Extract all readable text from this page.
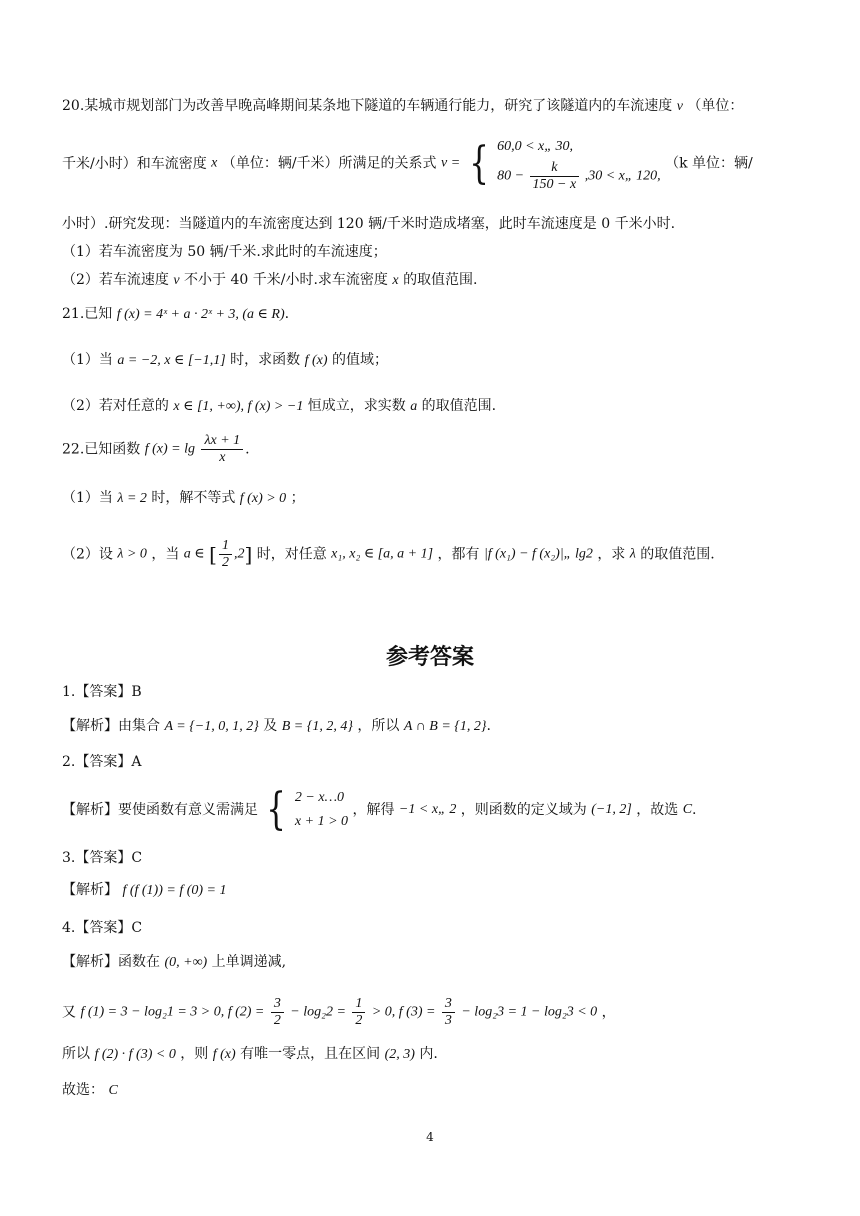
20.某城市规划部门为改善早晚高峰期间某条地下隧道的车辆通行能力，研究了该隧道内的车流速度 v （单位：
千米/小时）和车流密度 x （单位：辆/千米）所满足的关系式 v = { 60,0 < x„ 30,
$80 - \frac{k}{150 - x} ,30$ < x„ 120,
（k 单位：辆/
小时）.研究发现：当隧道内的车流密度达到 120 辆/千米时造成堵塞，此时车流速度是 0 千米小时.
（1）若车流密度为 50 辆/千米.求此时的车流速度；
（2）若车流速度 v 不小于 40 千米/小时.求车流密度 x 的取值范围.
21.已知 f (x) = 4ˣ + a · 2ˣ + 3, (a ∈ R).
（1）当 a = −2, x ∈ [−1,1] 时，求函数 f (x) 的值域；
（2）若对任意的 x ∈ [1, +∞), f (x) > −1 恒成立，求实数 a 的取值范围.
22.已知函数 f $(x) = \lg \frac{\lambda x + 1}{x}$ .
（1）当 λ = 2 时，解不等式 f (x) > 0 ；
（2）设 λ > 0 ，当 a ∈ [ $\frac{1}{2} ,2$] 时，对任意 x₁, x₂ ∈ [a, a + 1] ，都有 |f (x₁) − f (x₂)|„ lg2 ，求 λ 的取值范围.
参考答案
1.【答案】B
【解析】由集合 A = {−1, 0, 1, 2} 及 B = {1, 2, 4} ，所以 A ∩ B = {1, 2}.
2.【答案】A
【解析】要使函数有意义需满足 { 2 − x…0
x + 1 > 0
，解得 −1 < x„ 2 ，则函数的定义域为 (−1, 2] ，故选 C.
3.【答案】C
【解析】 f (f (1)) = f (0) = 1
4.【答案】C
【解析】函数在 (0, +∞) 上单调递减,
又 f (1) = 3 − log₂1 = 3 > 0, f $(2) = \frac{3}{2} - \log_22 = \frac{1}{2} > 0$, f $(3) = \frac{3}{3} - \log_23 = 1 - \log_23 < 0$ ，
所以 f (2) · f (3) < 0 ，则 f (x) 有唯一零点，且在区间 (2, 3) 内.
故选： C
4
